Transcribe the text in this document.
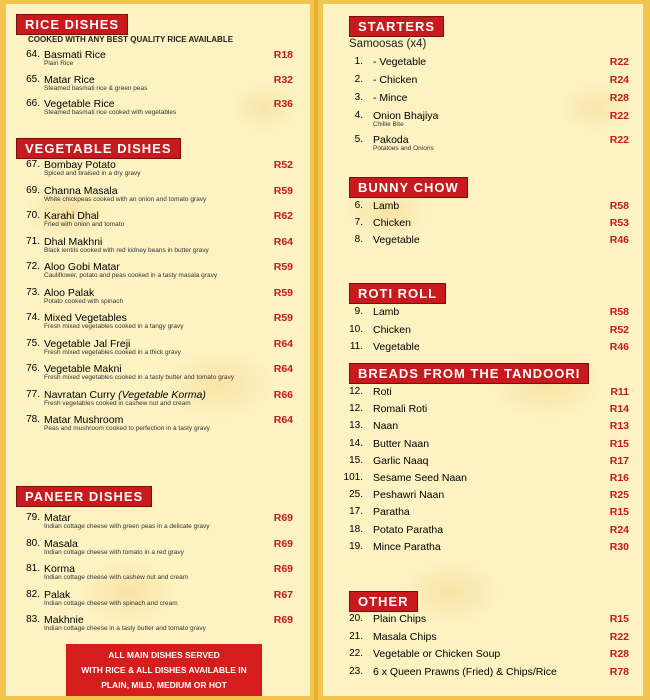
RICE DISHES
COOKED WITH ANY BEST QUALITY RICE AVAILABLE
64. Basmati Rice
Plain Rice
R18
65. Matar Rice
Steamed basmati rice & green peas
R32
66. Vegetable Rice
Steamed basmati rice cooked with vegetables
R36
VEGETABLE DISHES
67. Bombay Potato
Spiced and braised in a dry gravy
R52
69. Channa Masala
White chickpeas cooked with an onion and tomato gravy
R59
70. Karahi Dhal
Fried with onion and tomato
R62
71. Dhal Makhni
Black lentils cooked with red kidney beans in butter gravy
R64
72. Aloo Gobi Matar
Cauliflower, potato and peas cooked in a tasty masala gravy
R59
73. Aloo Palak
Potato cooked with spinach
R59
74. Mixed Vegetables
Fresh mixed vegetables cooked in a tangy gravy
R59
75. Vegetable Jal Freji
Fresh mixed vegetables cooked in a thick gravy
R64
76. Vegetable Makni
Fresh mixed vegetables cooked in a tasty butter and tomato gravy
R64
77. Navratan Curry (Vegetable Korma)
Fresh vegetables cooked in cashew nut and cream
R66
78. Matar Mushroom
Peas and mushroom cooked to perfection in a tasty gravy
R64
PANEER DISHES
79. Matar
Indian cottage cheese with green peas in a delicate gravy
R69
80. Masala
Indian cottage cheese with tomato in a red gravy
R69
81. Korma
Indian cottage cheese with cashew nut and cream
R69
82. Palak
Indian cottage cheese with spinach and cream
R67
83. Makhnie
Indian cottage cheese in a tasty butter and tomato gravy
R69
ALL MAIN DISHES SERVED
WITH RICE & ALL DISHES AVAILABLE IN
PLAIN, MILD, MEDIUM OR HOT
STARTERS
Samoosas (x4)
1. - Vegetable	R22
2. - Chicken	R24
3. - Mince	R28
4. Onion Bhajiya
Chillie Bite
R22
5. Pakoda
Potatoes and Onions
R22
BUNNY CHOW
6. Lamb	R58
7. Chicken	R53
8. Vegetable	R46
ROTI ROLL
9. Lamb	R58
10. Chicken	R52
11. Vegetable	R46
BREADS FROM THE TANDOORI
12. Roti	R11
12. Romali Roti	R14
13. Naan	R13
14. Butter Naan	R15
15. Garlic Naaq	R17
101. Sesame Seed Naan	R16
25. Peshawri Naan	R25
17. Paratha	R15
18. Potato Paratha	R24
19. Mince Paratha	R30
OTHER
20. Plain Chips	R15
21. Masala Chips	R22
22. Vegetable or Chicken Soup	R28
23. 6 x Queen Prawns (Fried) & Chips/Rice	R78
